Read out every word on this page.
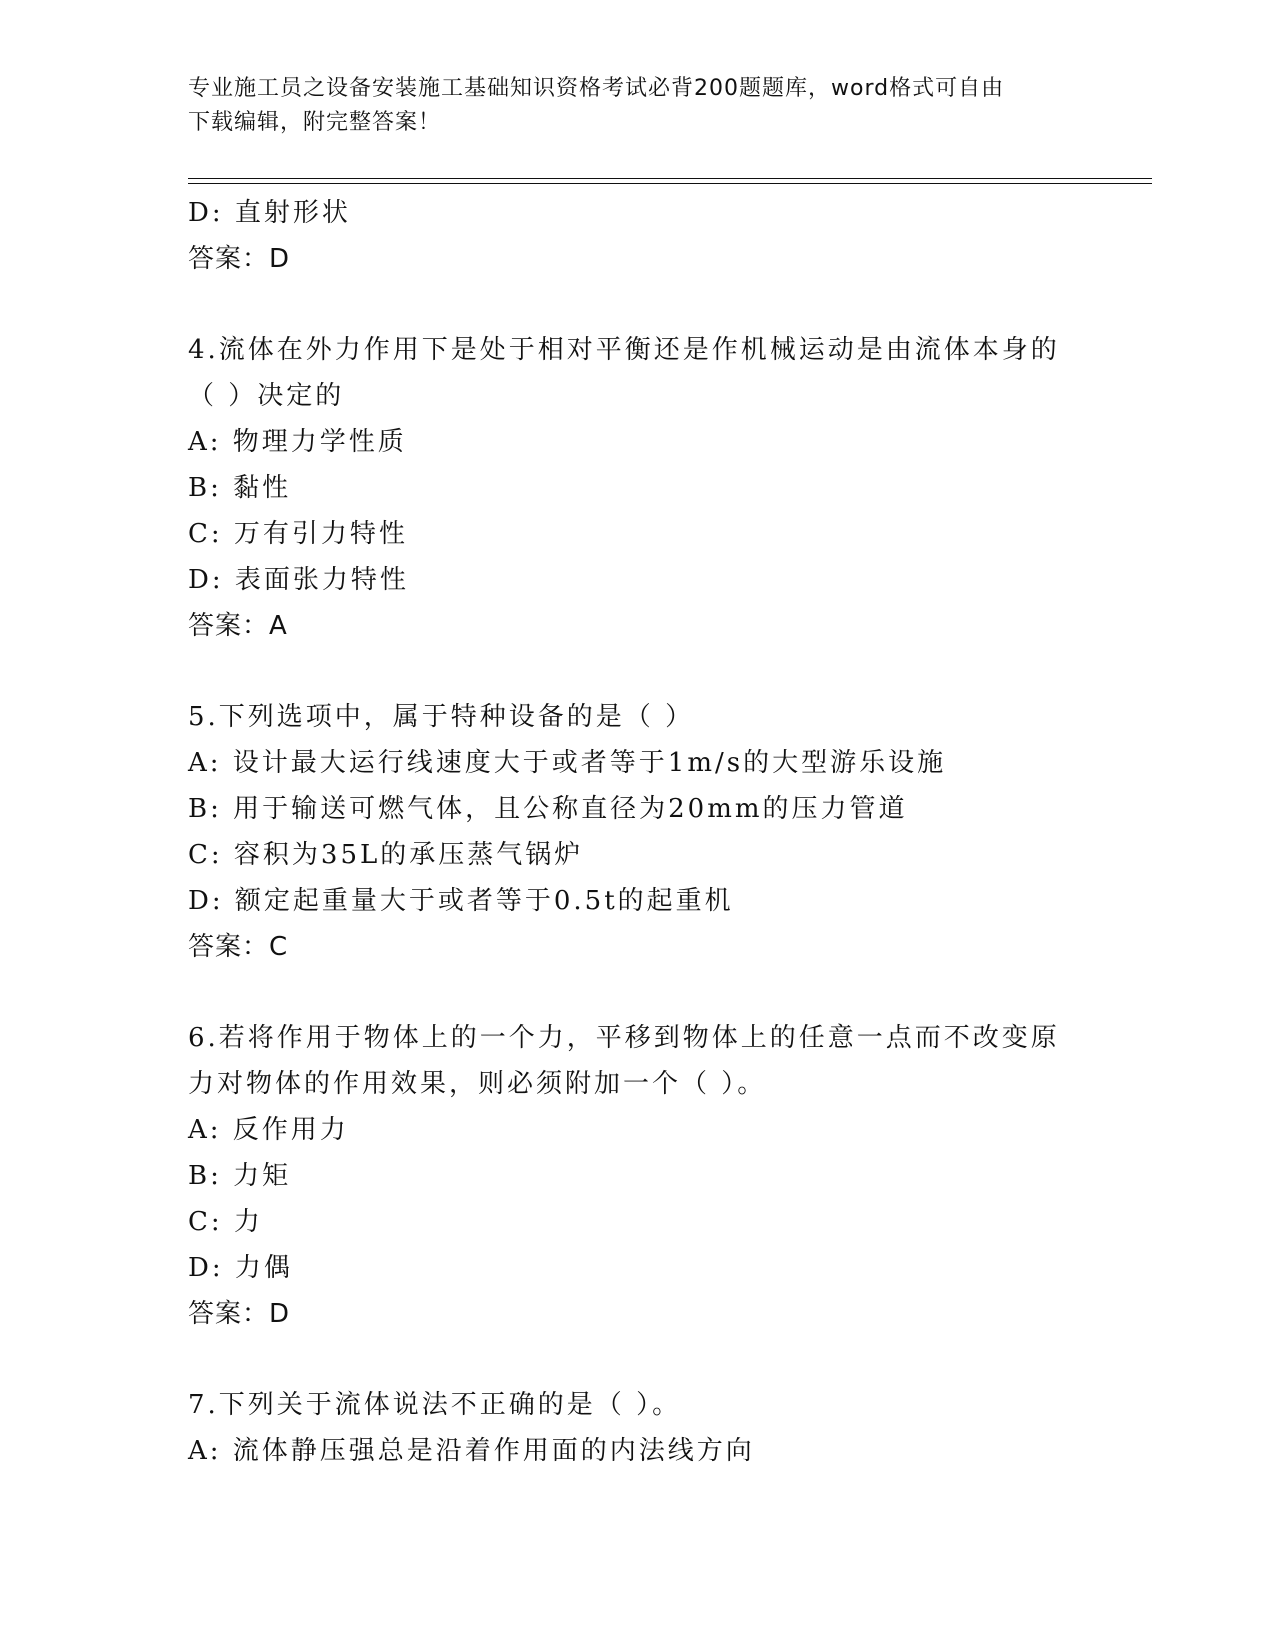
专业施工员之设备安装施工基础知识资格考试必背200题题库，word格式可自由
下载编辑，附完整答案！
D: 直射形状
答案：D
4.流体在外力作用下是处于相对平衡还是作机械运动是由流体本身的
（ ）决定的
A: 物理力学性质
B: 黏性
C: 万有引力特性
D: 表面张力特性
答案：A
5.下列选项中，属于特种设备的是（ ）
A: 设计最大运行线速度大于或者等于1m/s的大型游乐设施
B: 用于输送可燃气体，且公称直径为20mm的压力管道
C: 容积为35L的承压蒸气锅炉
D: 额定起重量大于或者等于0.5t的起重机
答案：C
6.若将作用于物体上的一个力，平移到物体上的任意一点而不改变原
力对物体的作用效果，则必须附加一个（ ）。
A: 反作用力
B: 力矩
C: 力
D: 力偶
答案：D
7.下列关于流体说法不正确的是（ ）。
A: 流体静压强总是沿着作用面的内法线方向
